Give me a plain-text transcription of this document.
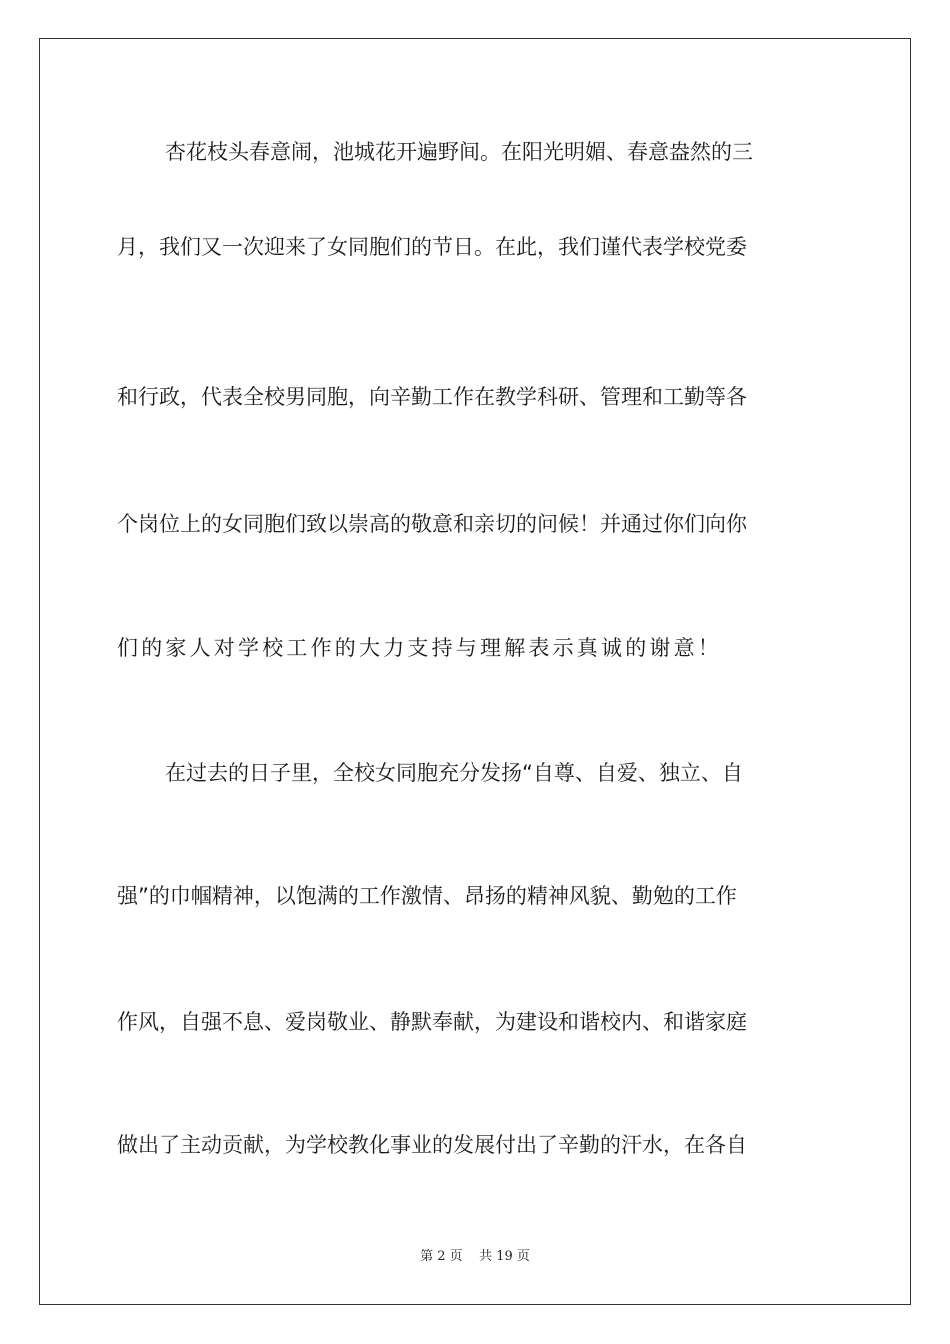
杏花枝头春意闹，池城花开遍野间。在阳光明媚、春意盎然的三
月，我们又一次迎来了女同胞们的节日。在此，我们谨代表学校党委
和行政，代表全校男同胞，向辛勤工作在教学科研、管理和工勤等各
个岗位上的女同胞们致以崇高的敬意和亲切的问候！并通过你们向你
们的家人对学校工作的大力支持与理解表示真诚的谢意！
在过去的日子里，全校女同胞充分发扬“自尊、自爱、独立、自
强”的巾帼精神，以饱满的工作激情、昂扬的精神风貌、勤勉的工作
作风，自强不息、爱岗敬业、静默奉献，为建设和谐校内、和谐家庭
做出了主动贡献，为学校教化事业的发展付出了辛勤的汗水，在各自
第 2 页    共 19 页
